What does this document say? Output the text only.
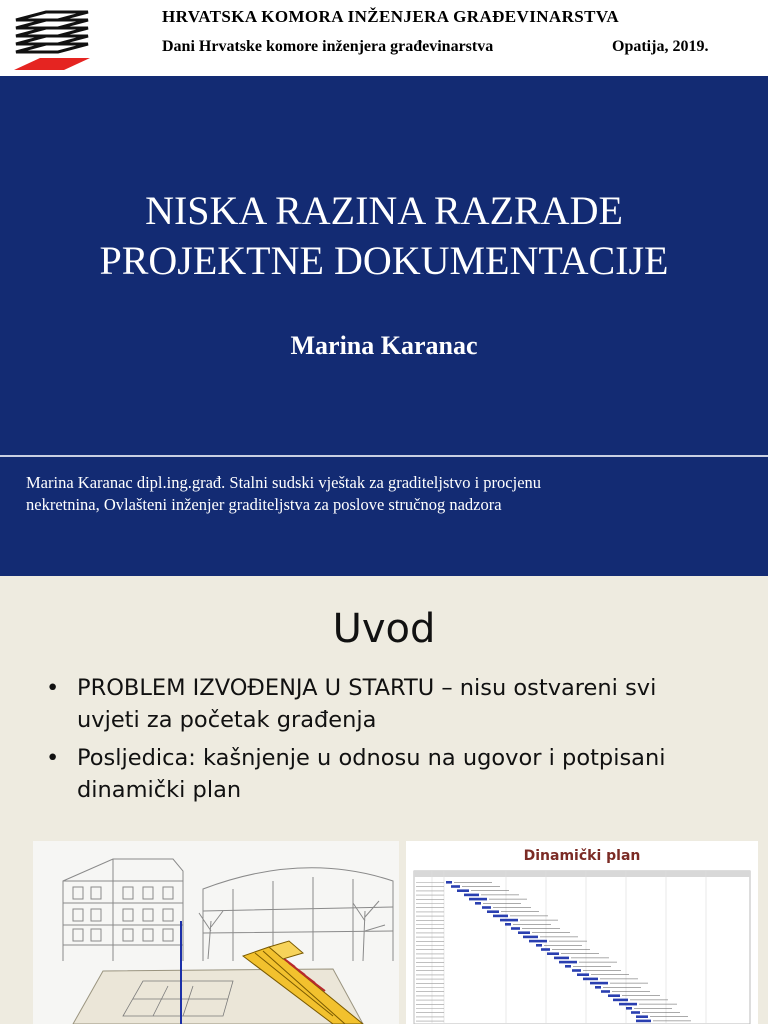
HRVATSKA KOMORA INŽENJERA GRAĐEVINARSTVA
Dani Hrvatske komore inženjera građevinarstva	Opatija, 2019.
NISKA RAZINA RAZRADE
PROJEKTNE DOKUMENTACIJE
Marina Karanac
Marina Karanac dipl.ing.građ. Stalni sudski vještak za graditeljstvo i procjenu
nekretnina, Ovlašteni inženjer graditeljstva za poslove stručnog nadzora
Uvod
• PROBLEM IZVOĐENJA U STARTU – nisu ostvareni svi
uvjeti za početak građenja
• Posljedica: kašnjenje u odnosu na ugovor i potpisani
dinamički plan
Dinamički plan
